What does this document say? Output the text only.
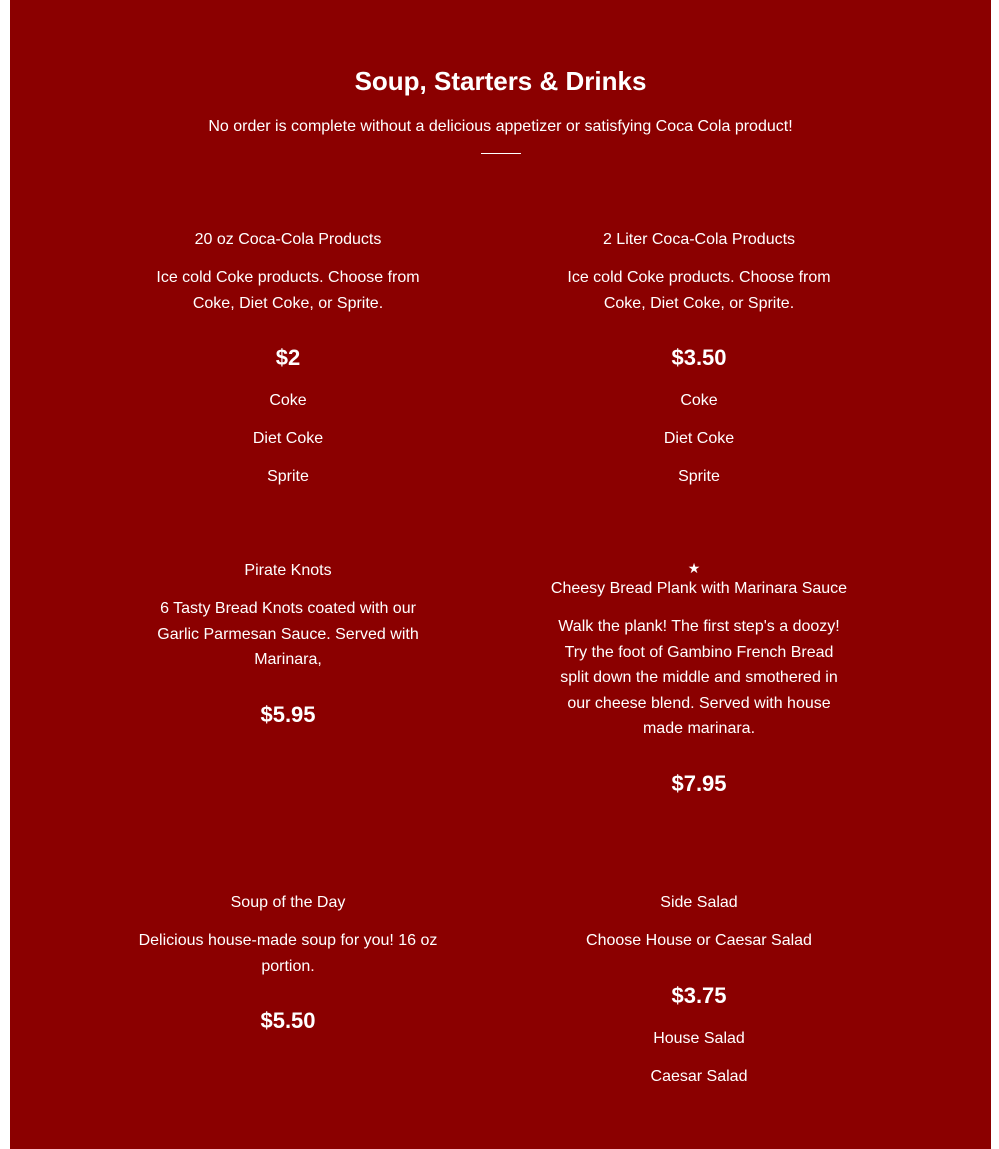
Soup, Starters & Drinks

No order is complete without a delicious appetizer or satisfying Coca Cola product!

20 oz Coca-Cola Products

Ice cold Coke products. Choose from Coke, Diet Coke, or Sprite.

$2

Coke
Diet Coke
Sprite

2 Liter Coca-Cola Products

Ice cold Coke products. Choose from Coke, Diet Coke, or Sprite.

$3.50

Coke
Diet Coke
Sprite

Pirate Knots

6 Tasty Bread Knots coated with our Garlic Parmesan Sauce. Served with Marinara,

$5.95

★

Cheesy Bread Plank with Marinara Sauce

Walk the plank! The first step's a doozy! Try the foot of Gambino French Bread split down the middle and smothered in our cheese blend. Served with house made marinara.

$7.95

Soup of the Day

Delicious house-made soup for you! 16 oz portion.

$5.50

Side Salad

Choose House or Caesar Salad

$3.75

House Salad
Caesar Salad
